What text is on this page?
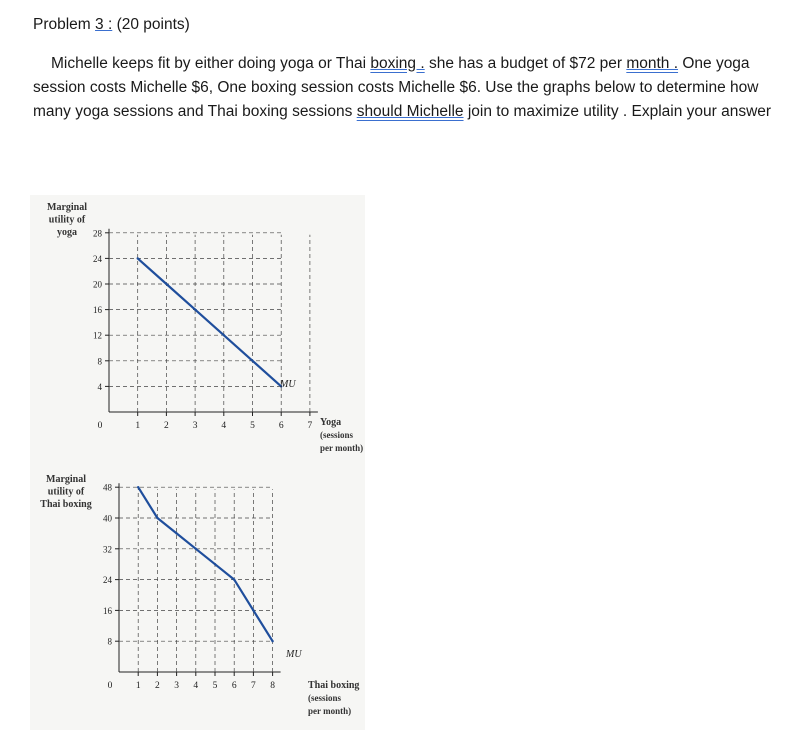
Problem 3 : (20 points)

Michelle keeps fit by either doing yoga or Thai boxing . she has a budget of $72 per month . One yoga session costs Michelle $6, One boxing session costs Michelle $6. Use the graphs below to determine how many yoga sessions and Thai boxing sessions should Michelle join to maximize utility . Explain your answer

4
8
12
16
20
24
28
0	1	2	3	4	5	6	7
MU
Marginal
utility of
yoga
Yoga
(sessions
per month)
8
16
24
32
40
48
0 1 2 3 4 5 6 7 8
MU
Marginal
utility of
Thai boxing
Thai boxing
(sessions
per month)
